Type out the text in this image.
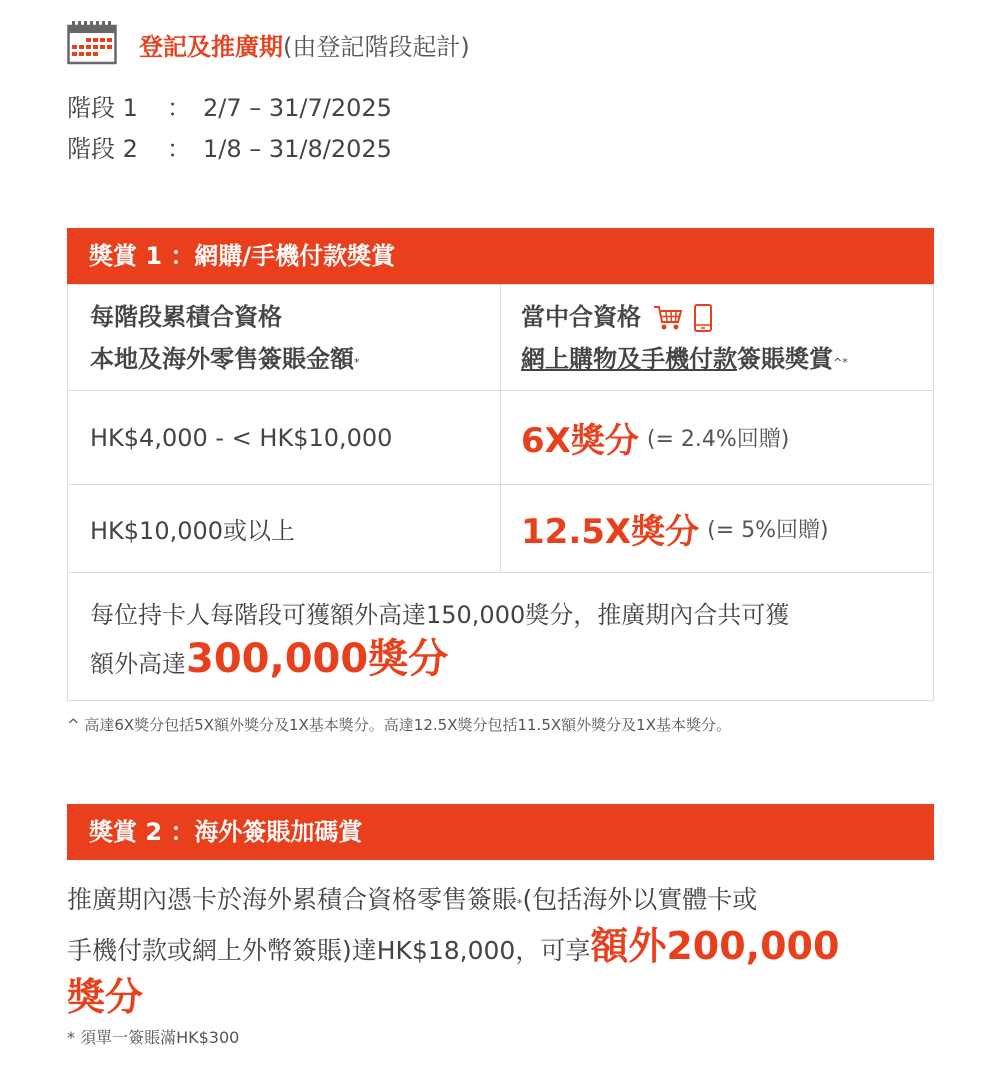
登記及推廣期(由登記階段起計)
階段 1 ： 2/7 – 31/7/2025
階段 2 ： 1/8 – 31/8/2025
獎賞 1 ：網購/手機付款獎賞
每階段累積合資格
本地及海外零售簽賬金額*
當中合資格
網上購物及手機付款簽賬獎賞^*
HK$4,000 - < HK$10,000	6X獎分 (= 2.4%回贈)
HK$10,000或以上	12.5X獎分 (= 5%回贈)
每位持卡人每階段可獲額外高達150,000獎分，推廣期內合共可獲
額外高達300,000獎分
^ 高達6X獎分包括5X額外獎分及1X基本獎分。高達12.5X獎分包括11.5X額外獎分及1X基本獎分。
獎賞 2 ：海外簽賬加碼賞
推廣期內憑卡於海外累積合資格零售簽賬*(包括海外以實體卡或
手機付款或網上外幣簽賬)達HK$18,000，可享額外200,000
獎分
* 須單一簽賬滿HK$300
